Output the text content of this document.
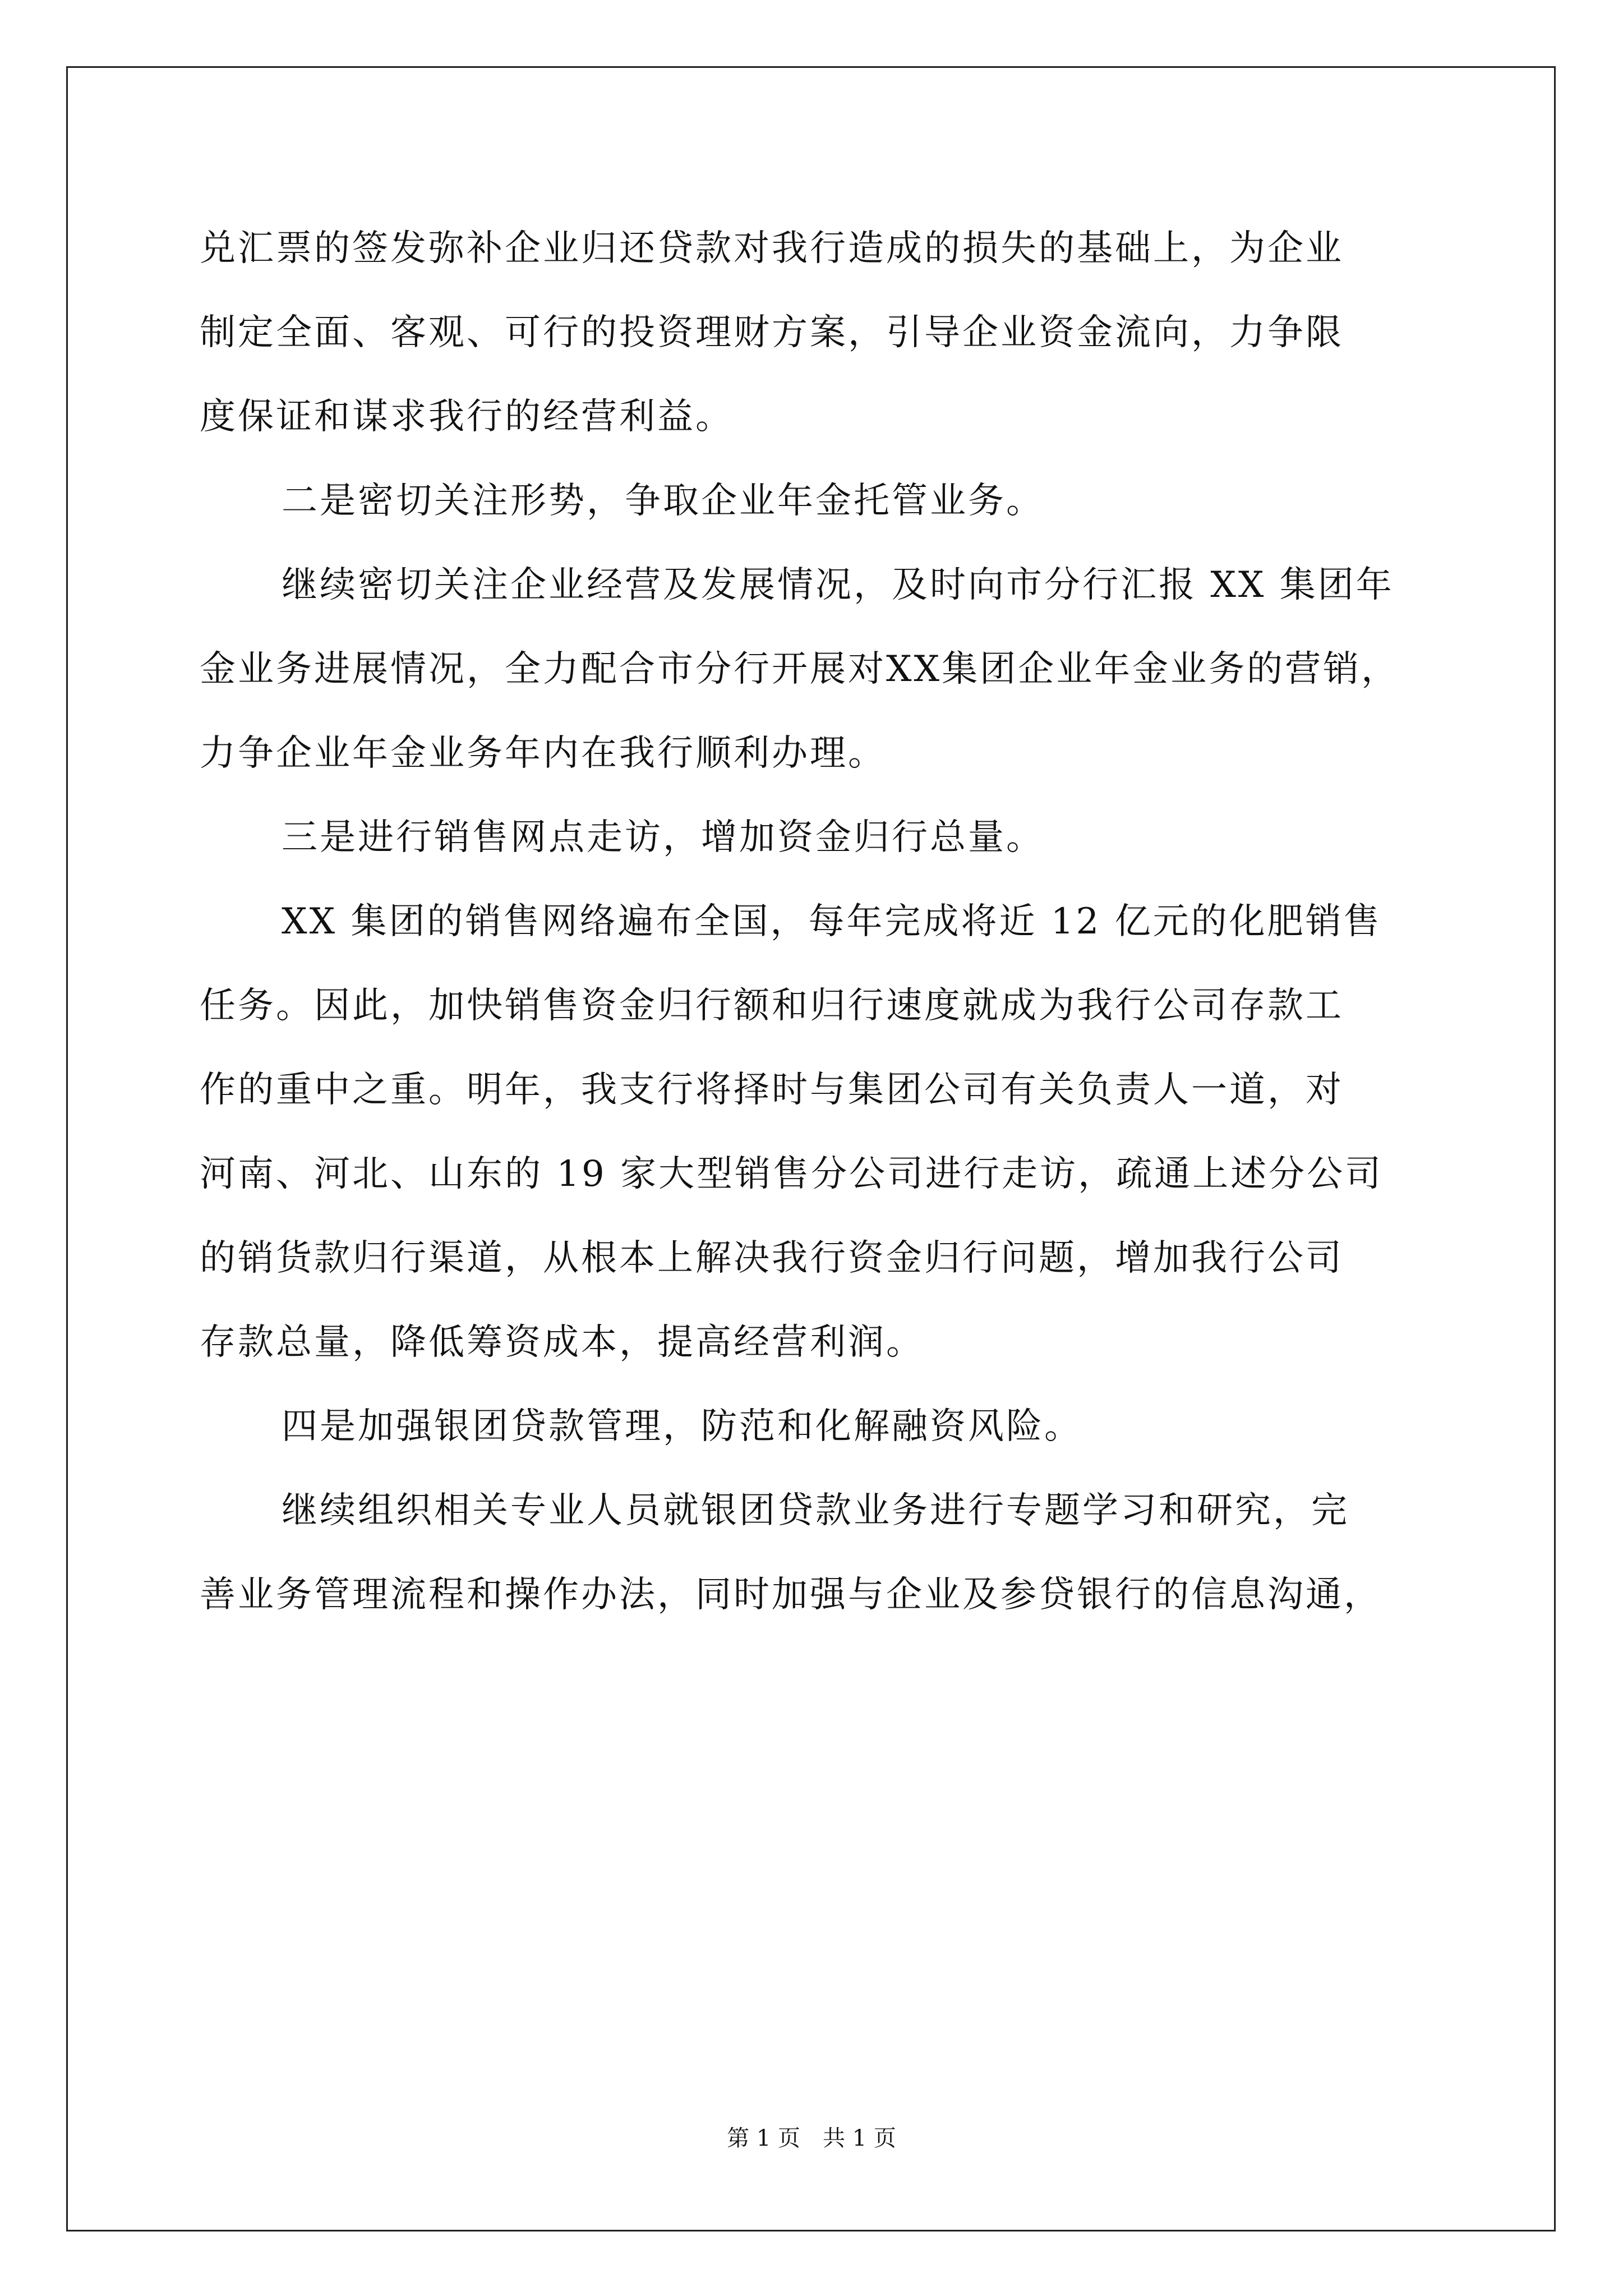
兑汇票的签发弥补企业归还贷款对我行造成的损失的基础上，为企业
制定全面、客观、可行的投资理财方案，引导企业资金流向，力争限
度保证和谋求我行的经营利益。
二是密切关注形势，争取企业年金托管业务。
继续密切关注企业经营及发展情况，及时向市分行汇报 XX 集团年
金业务进展情况，全力配合市分行开展对XX集团企业年金业务的营销，
力争企业年金业务年内在我行顺利办理。
三是进行销售网点走访，增加资金归行总量。
XX 集团的销售网络遍布全国，每年完成将近 12 亿元的化肥销售
任务。因此，加快销售资金归行额和归行速度就成为我行公司存款工
作的重中之重。明年，我支行将择时与集团公司有关负责人一道，对
河南、河北、山东的 19 家大型销售分公司进行走访，疏通上述分公司
的销货款归行渠道，从根本上解决我行资金归行问题，增加我行公司
存款总量，降低筹资成本，提高经营利润。
四是加强银团贷款管理，防范和化解融资风险。
继续组织相关专业人员就银团贷款业务进行专题学习和研究，完
善业务管理流程和操作办法，同时加强与企业及参贷银行的信息沟通，
第 1 页　共 1 页
